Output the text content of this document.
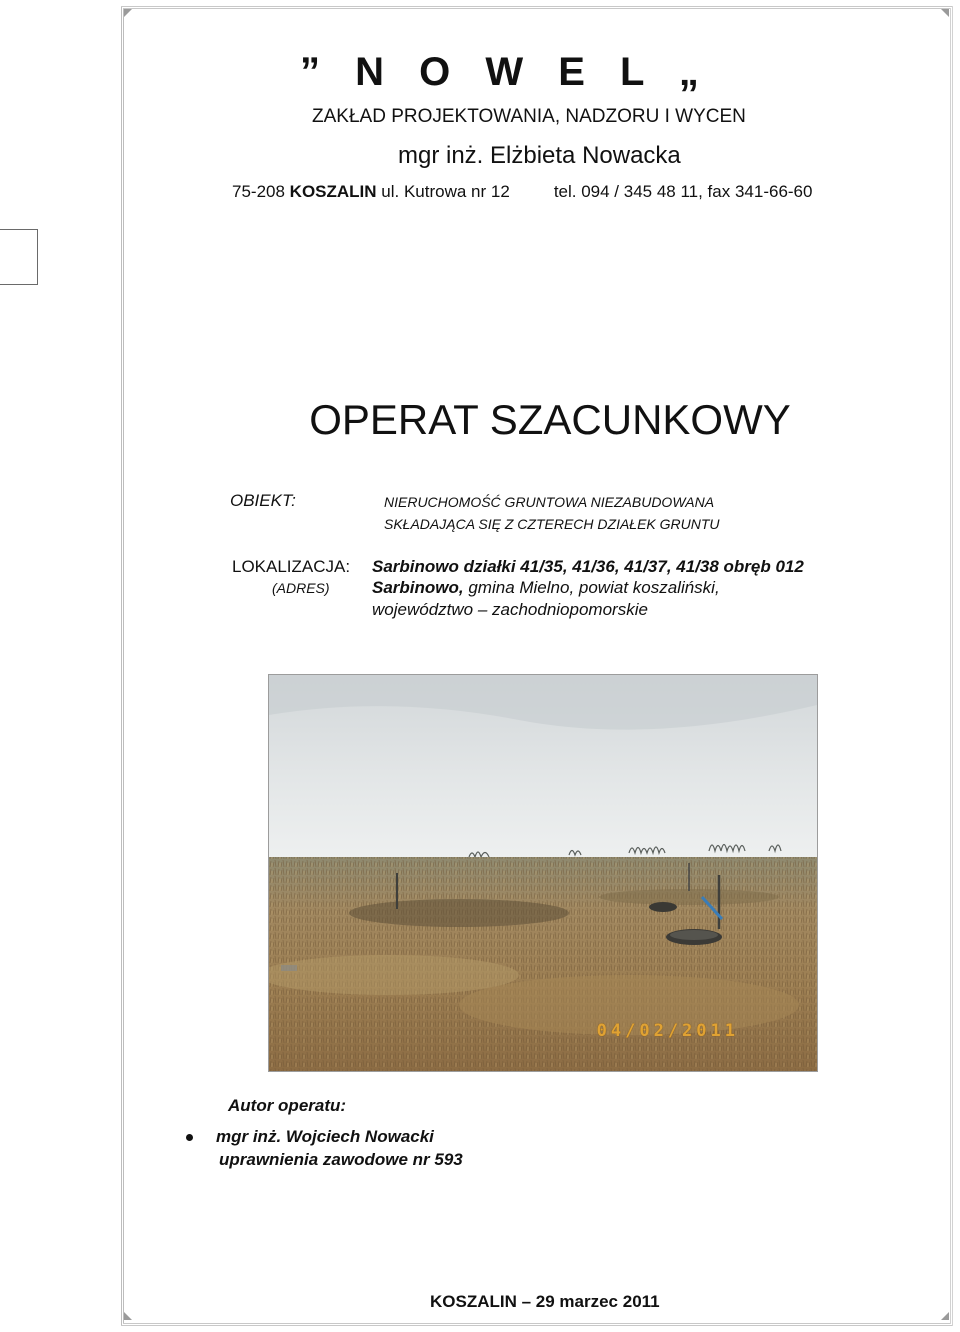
” N O W E L „
ZAKŁAD PROJEKTOWANIA, NADZORU I WYCEN
mgr inż. Elżbieta Nowacka
75-208 KOSZALIN ul. Kutrowa nr 12	tel. 094 / 345 48 11, fax 341-66-60
OPERAT SZACUNKOWY
OBIEKT:	NIERUCHOMOŚĆ GRUNTOWA NIEZABUDOWANA
SKŁADAJĄCA SIĘ Z CZTERECH DZIAŁEK GRUNTU
LOKALIZACJA: Sarbinowo działki 41/35, 41/36, 41/37, 41/38 obręb 012
(ADRES) Sarbinowo, gmina Mielno, powiat koszaliński,
województwo – zachodniopomorskie
04/02/2011
Autor operatu:
mgr inż. Wojciech Nowacki
uprawnienia zawodowe nr 593
KOSZALIN – 29 marzec 2011
